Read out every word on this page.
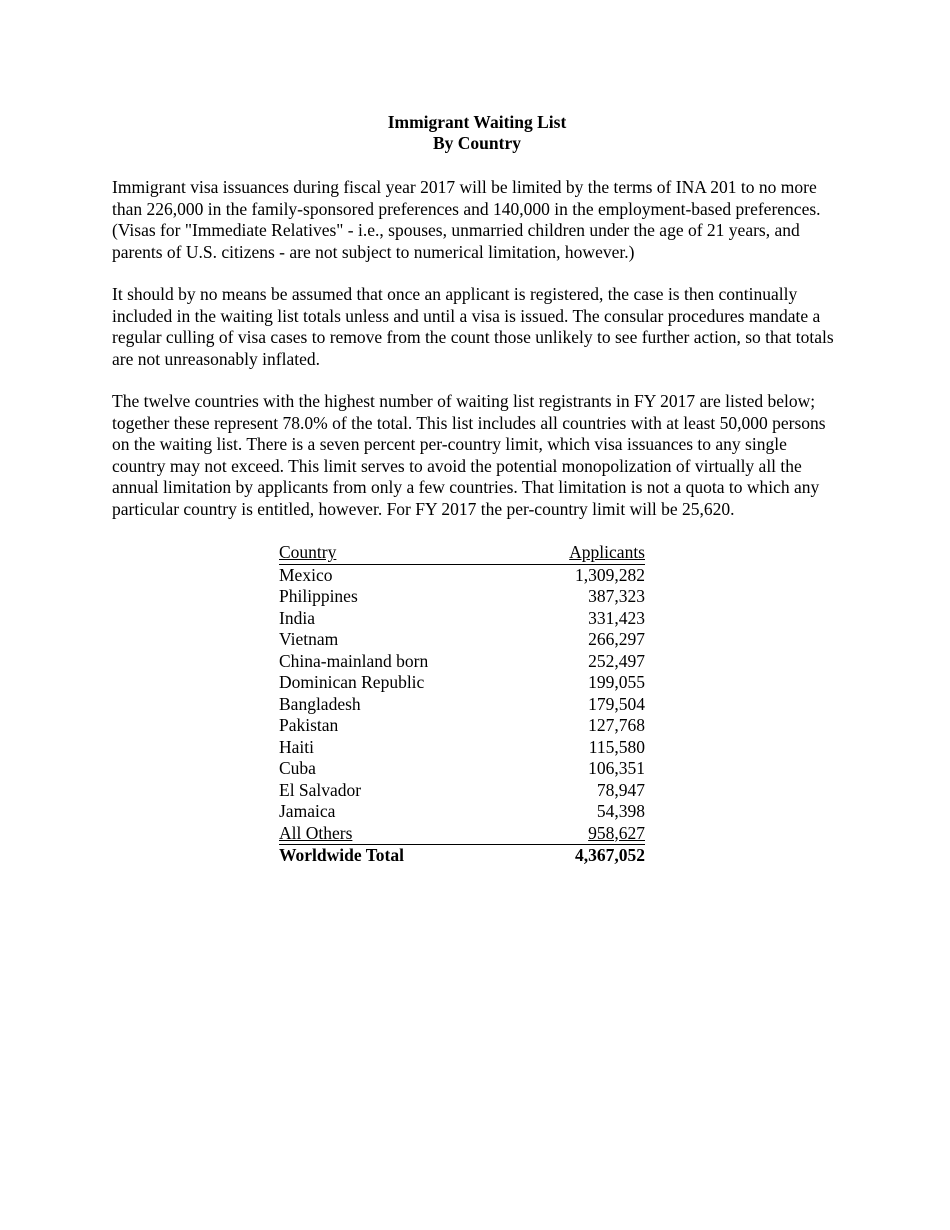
Immigrant Waiting List
By Country

Immigrant visa issuances during fiscal year 2017 will be limited by the terms of INA 201 to no more than 226,000 in the family-sponsored preferences and 140,000 in the employment-based preferences. (Visas for "Immediate Relatives" - i.e., spouses, unmarried children under the age of 21 years, and parents of U.S. citizens - are not subject to numerical limitation, however.)

It should by no means be assumed that once an applicant is registered, the case is then continually included in the waiting list totals unless and until a visa is issued. The consular procedures mandate a regular culling of visa cases to remove from the count those unlikely to see further action, so that totals are not unreasonably inflated.

The twelve countries with the highest number of waiting list registrants in FY 2017 are listed below; together these represent 78.0% of the total. This list includes all countries with at least 50,000 persons on the waiting list. There is a seven percent per-country limit, which visa issuances to any single country may not exceed. This limit serves to avoid the potential monopolization of virtually all the annual limitation by applicants from only a few countries. That limitation is not a quota to which any particular country is entitled, however. For FY 2017 the per-country limit will be 25,620.

Country	Applicants
Mexico	1,309,282
Philippines	387,323
India	331,423
Vietnam	266,297
China-mainland born	252,497
Dominican Republic	199,055
Bangladesh	179,504
Pakistan	127,768
Haiti	115,580
Cuba	106,351
El Salvador	78,947
Jamaica	54,398
All Others	958,627
Worldwide Total	4,367,052
